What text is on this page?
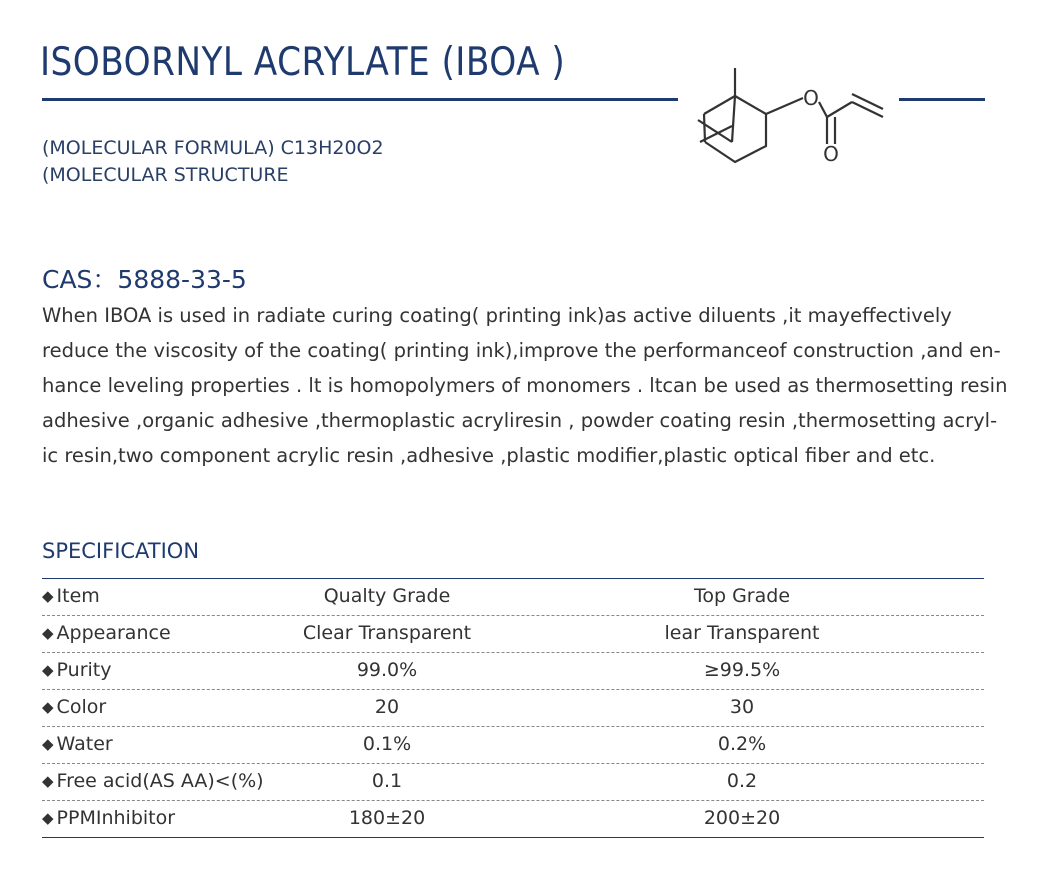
ISOBORNYL ACRYLATE (IBOA )
O
O
(MOLECULAR FORMULA) C13H20O2
(MOLECULAR STRUCTURE
CAS：5888-33-5
When IBOA is used in radiate curing coating( printing ink)as active diluents ,it mayeffectively
reduce the viscosity of the coating( printing ink),improve the performanceof construction ,and en-
hance leveling properties . lt is homopolymers of monomers . ltcan be used as thermosetting resin
adhesive ,organic adhesive ,thermoplastic acryliresin , powder coating resin ,thermosetting acryl-
ic resin,two component acrylic resin ,adhesive ,plastic modifier,plastic optical fiber and etc.
SPECIFICATION
◆ Item	Qualty Grade	Top Grade
◆ Appearance	Clear Transparent	lear Transparent
◆ Purity	99.0%	≥99.5%
◆ Color	20	30
◆ Water	0.1%	0.2%
◆ Free acid(AS AA)<(%)	0.1	0.2
◆ PPMInhibitor	180±20	200±20
